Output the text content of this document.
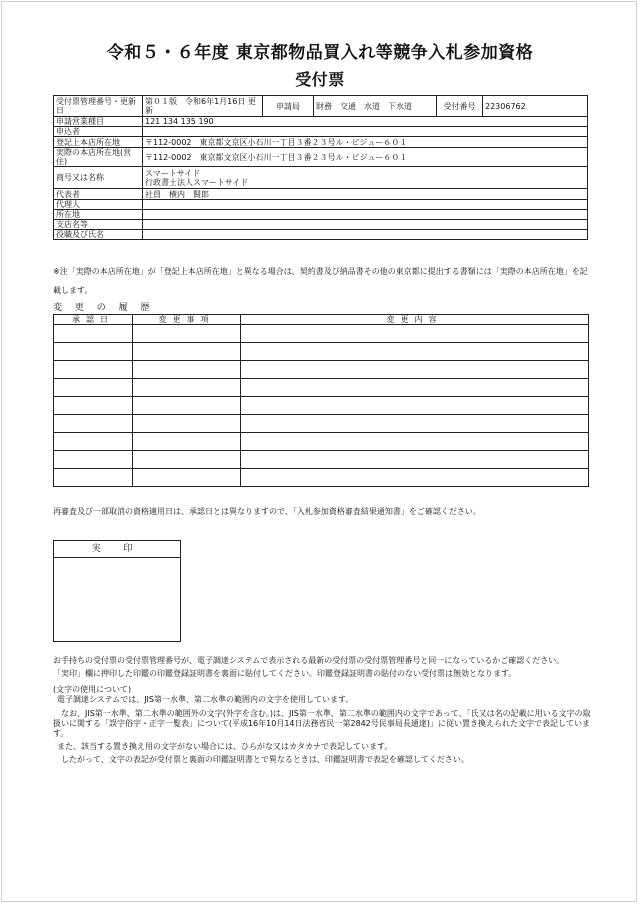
令和５・６年度 東京都物品買入れ等競争入札参加資格
受付票
受付票管理番号・更新日	第０１版　令和6年1月16日 更新	申請局	財務　交通　水道　下水道	受付番号	22306762
申請営業種目	121 134 135 190				
申込者					
登記上本店所在地	〒112-0002　東京都文京区小石川一丁目３番２３号ル・ビジュー６０１				
実際の本店所在地(営住)	〒112-0002　東京都文京区小石川一丁目３番２３号ル・ビジュー６０１				
商号又は名称	スマートサイド
行政書士法人スマートサイド				
代表者	社員　横内　賢郎				
代理人					
所在地					
支店名等					
役職及び氏名					
※注「実際の本店所在地」が「登記上本店所在地」と異なる場合は、契約書及び納品書その他の東京都に提出する書類には「実際の本店所在地」を記載します。
変 更 の 履 歴
承認日	変更事項	変更内容

再審査及び一部取消の資格適用日は、承認日とは異なりますので、「入札参加資格審査結果通知書」をご確認ください。
実 印

お手持ちの受付票の受付票管理番号が、電子調達システムで表示される最新の受付票の受付票管理番号と同一になっているかご確認ください。

「実印」欄に押印した印鑑の印鑑登録証明書を裏面に貼付してください。印鑑登録証明書の貼付のない受付票は無効となります。

(文字の使用について)

電子調達システムでは、JIS第一水準、第二水準の範囲内の文字を使用しています。

なお、JIS第一水準、第二水準の範囲外の文字(外字を含む。)は、JIS第一水準、第二水準の範囲内の文字であって、「氏又は名の記載に用いる文字の取扱いに関する「誤字俗字・正字一覧表」について(平成16年10月14日法務省民一第2842号民事局長通達)」に従い置き換えられた文字で表記しています。

また、該当する置き換え用の文字がない場合には、ひらがな又はカタカナで表記しています。

したがって、文字の表記が受付票と裏面の印鑑証明書とで異なるときは、印鑑証明書で表記を確認してください。
